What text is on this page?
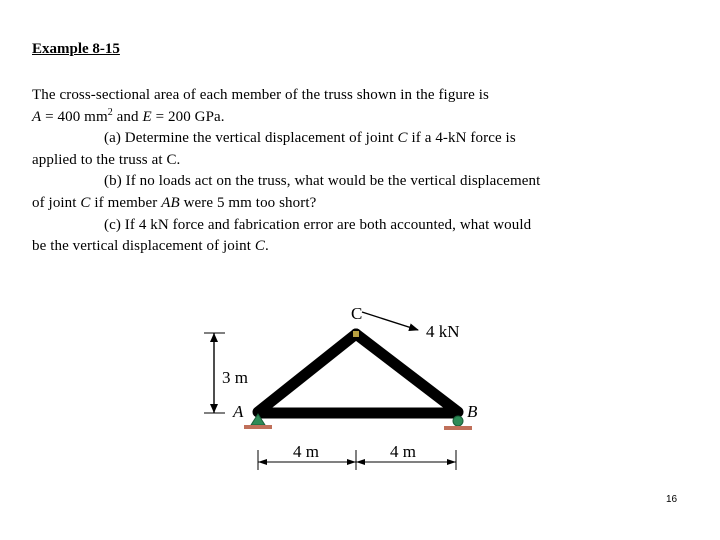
Example 8-15
The cross-sectional area of each member of the truss shown in the figure is
A = 400 $mm^2$ and E = 200 GPa.
(a) Determine the vertical displacement of joint C if a 4-kN force is
applied to the truss at C.
(b) If no loads act on the truss, what would be the vertical displacement
of joint C if member AB were 5 mm too short?
(c) If 4 kN force and fabrication error are both accounted, what would
be the vertical displacement of joint C.
C
4 kN
3 m
A	B
4 m	4 m
16
